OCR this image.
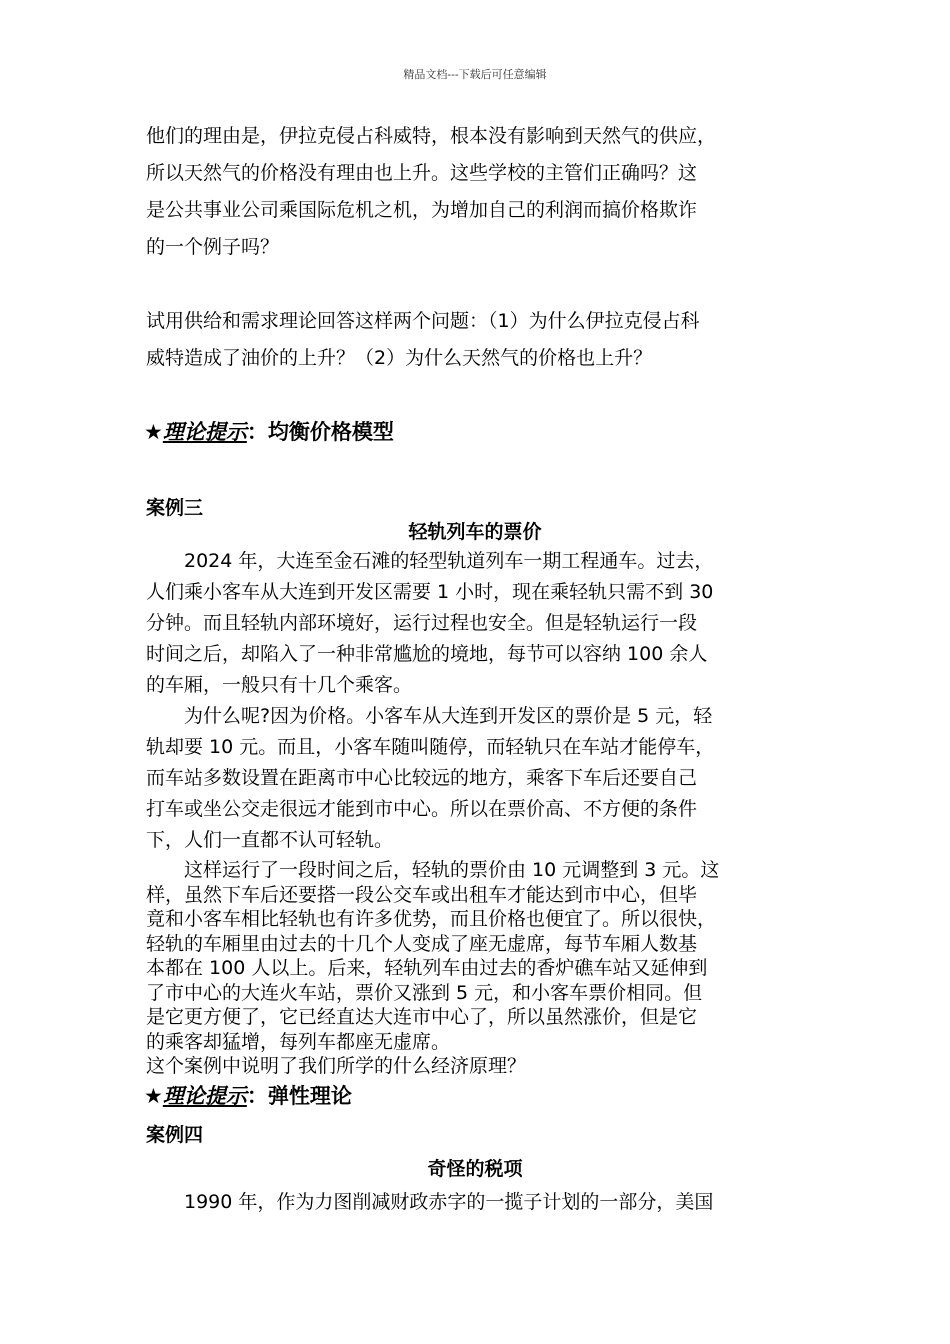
精品文档---下载后可任意编辑
他们的理由是，伊拉克侵占科威特，根本没有影响到天然气的供应，
所以天然气的价格没有理由也上升。这些学校的主管们正确吗？这
是公共事业公司乘国际危机之机，为增加自己的利润而搞价格欺诈
的一个例子吗？
试用供给和需求理论回答这样两个问题：（1）为什么伊拉克侵占科
威特造成了油价的上升？（2）为什么天然气的价格也上升？
★理论提示：均衡价格模型
案例三
轻轨列车的票价
2024 年，大连至金石滩的轻型轨道列车一期工程通车。过去，
人们乘小客车从大连到开发区需要 1 小时，现在乘轻轨只需不到 30
分钟。而且轻轨内部环境好，运行过程也安全。但是轻轨运行一段
时间之后，却陷入了一种非常尴尬的境地，每节可以容纳 100 余人
的车厢，一般只有十几个乘客。
为什么呢?因为价格。小客车从大连到开发区的票价是 5 元，轻
轨却要 10 元。而且，小客车随叫随停，而轻轨只在车站才能停车，
而车站多数设置在距离市中心比较远的地方，乘客下车后还要自己
打车或坐公交走很远才能到市中心。所以在票价高、不方便的条件
下，人们一直都不认可轻轨。
这样运行了一段时间之后，轻轨的票价由 10 元调整到 3 元。这
样，虽然下车后还要搭一段公交车或出租车才能达到市中心，但毕
竟和小客车相比轻轨也有许多优势，而且价格也便宜了。所以很快，
轻轨的车厢里由过去的十几个人变成了座无虚席，每节车厢人数基
本都在 100 人以上。后来，轻轨列车由过去的香炉礁车站又延伸到
了市中心的大连火车站，票价又涨到 5 元，和小客车票价相同。但
是它更方便了，它已经直达大连市中心了，所以虽然涨价，但是它
的乘客却猛增，每列车都座无虚席。
这个案例中说明了我们所学的什么经济原理？
★理论提示：弹性理论
案例四
奇怪的税项
1990 年，作为力图削减财政赤字的一揽子计划的一部分，美国
